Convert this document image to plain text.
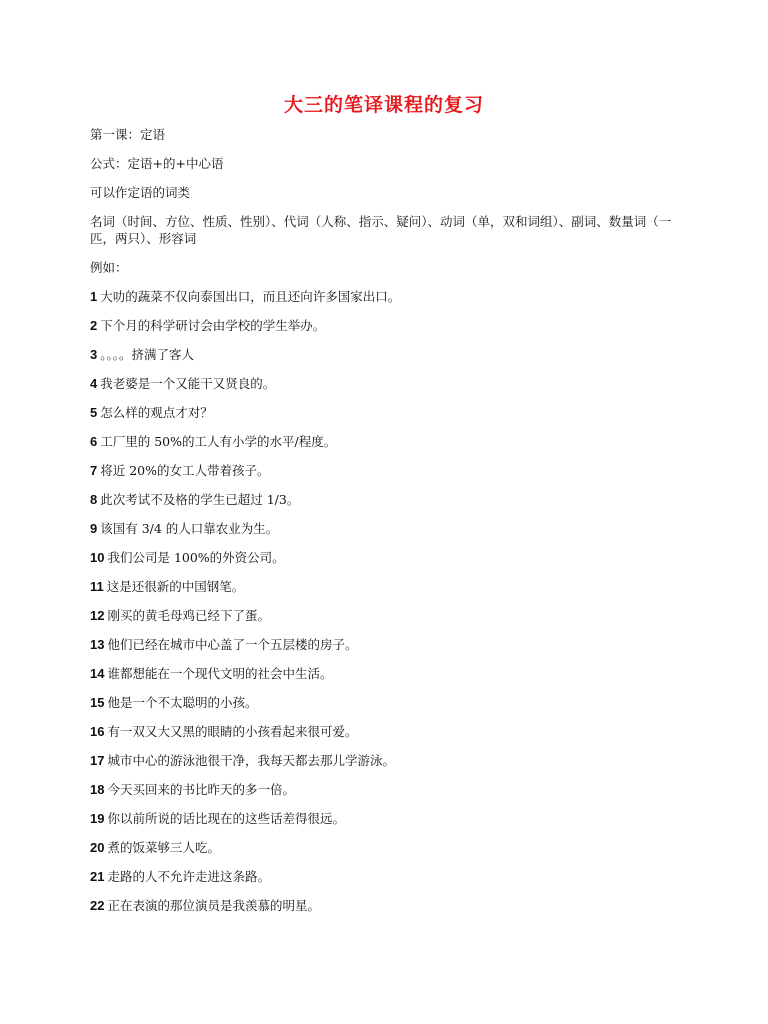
大三的笔译课程的复习
第一课：定语
公式：定语+的+中心语
可以作定语的词类
名词（时间、方位、性质、性别）、代词（人称、指示、疑问）、动词（单，双和词组）、副词、数量词（一匹，两只）、形容词
例如：
1 大叻的蔬菜不仅向泰国出口，而且还向许多国家出口。
2 下个月的科学研讨会由学校的学生举办。
3 。。。。挤满了客人
4 我老婆是一个又能干又贤良的。
5 怎么样的观点才对？
6 工厂里的 50%的工人有小学的水平/程度。
7 将近 20%的女工人带着孩子。
8 此次考试不及格的学生已超过 1/3。
9 该国有 3/4 的人口靠农业为生。
10 我们公司是 100%的外资公司。
11 这是还很新的中国钢笔。
12 刚买的黄毛母鸡已经下了蛋。
13 他们已经在城市中心盖了一个五层楼的房子。
14 谁都想能在一个现代文明的社会中生活。
15 他是一个不太聪明的小孩。
16 有一双又大又黑的眼睛的小孩看起来很可爱。
17 城市中心的游泳池很干净，我每天都去那儿学游泳。
18 今天买回来的书比昨天的多一倍。
19 你以前所说的话比现在的这些话差得很远。
20 煮的饭菜够三人吃。
21 走路的人不允许走进这条路。
22 正在表演的那位演员是我羡慕的明星。
